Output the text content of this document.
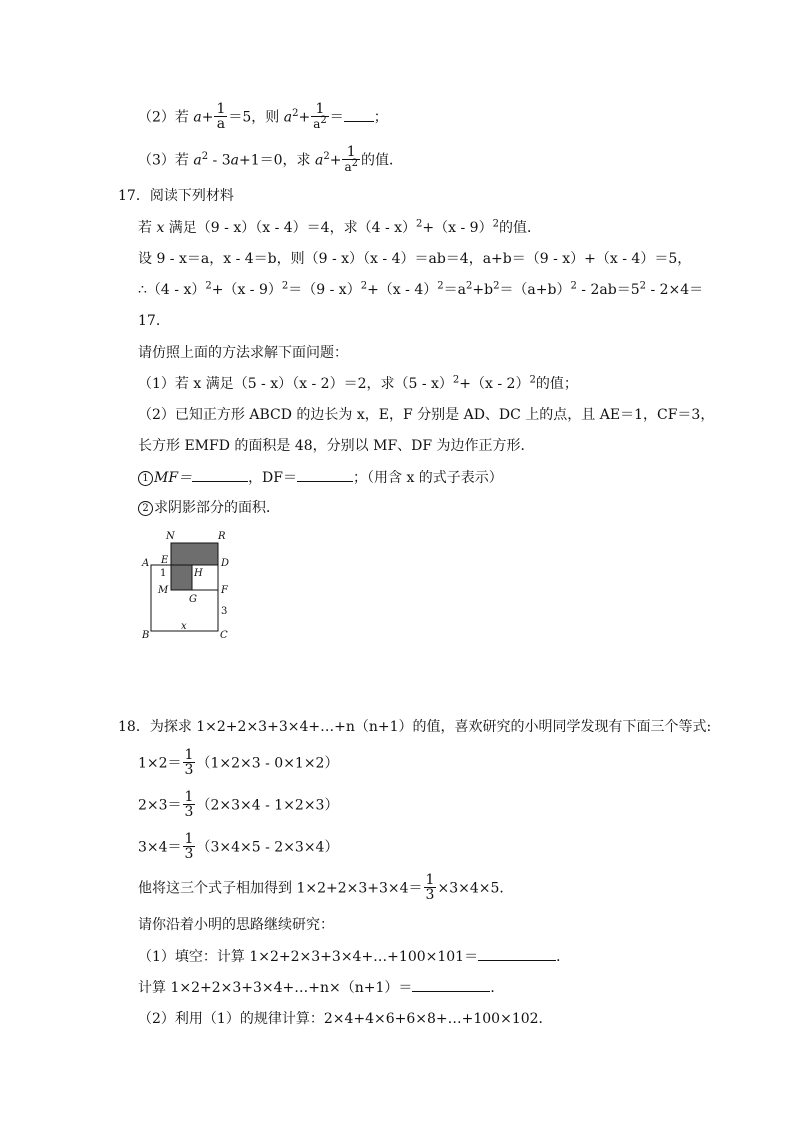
（2）若 $a+ \frac{1}{a} =5$，则 $a^2+ \frac{1}{a^2}$ ＝ ；
（3）若 $a^2 - 3a+1=0$，求 $a^2+ \frac{1}{a^2}$ 的值．
17．阅读下列材料
若 x 满足（9 - x）（x - 4）＝4，求（4 - x）$^2$+（x - 9）$^2$的值．
设 9 - x＝a，x - 4＝b，则（9 - x）（x - 4）＝ab＝4，a+b＝（9 - x）+（x - 4）＝5，
∴（4 - $x)^2+(x - 9)^2=(9 - x)^2+(x - 4)^2=a^2+b^2=(a+b)^2 - 2ab=5^2 - 2\times 4=$
17．
请仿照上面的方法求解下面问题：
（1）若 x 满足（5 - x）（x - 2）＝2，求（5 - x）$^2$+（x - 2）$^2$的值；
（2）已知正方形 ABCD 的边长为 x，E，F 分别是 AD、DC 上的点，且 AE＝1，CF＝3，
长方形 EMFD 的面积是 48，分别以 MF、DF 为边作正方形．
1 MF＝	，DF＝	；（用含 x 的式子表示）
2 求阴影部分的面积．
N	R
A E	D
H
1
M	F
G
3
x
B	C
18．为探求 1×2+2×3+3×4+…+n（n+1）的值，喜欢研究的小明同学发现有下面三个等式:
$1\times 2= \frac{1}{3} (1\times 2\times 3 - 0\times 1\times 2)$
$2\times 3= \frac{1}{3} (2\times 3\times 4 - 1\times 2\times 3)$
$3\times 4= \frac{1}{3} (3\times 4\times 5 - 2\times 3\times 4)$
他将这三个式子相加得到 $1\times 2+2\times 3+3\times 4= \frac{1}{3} \times 3\times 4\times 5$．
请你沿着小明的思路继续研究：
（1）填空：计算 1×2+2×3+3×4+…+100×101＝	．
计算 1×2+2×3+3×4+…+n×（n+1）＝	．
（2）利用（1）的规律计算：2×4+4×6+6×8+…+100×102．
